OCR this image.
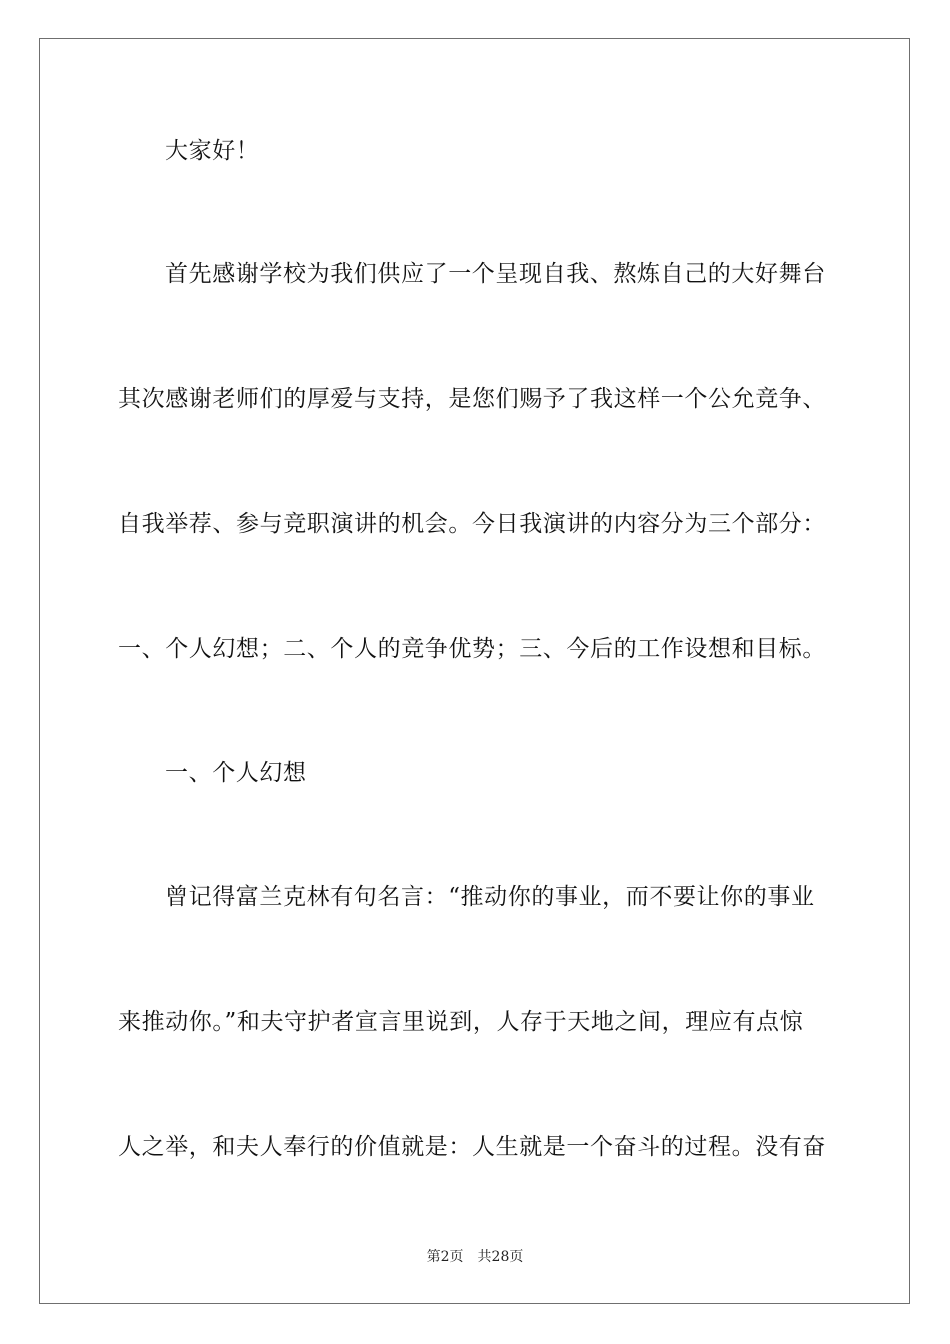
大家好！
首先感谢学校为我们供应了一个呈现自我、熬炼自己的大好舞台
其次感谢老师们的厚爱与支持，是您们赐予了我这样一个公允竞争、
自我举荐、参与竞职演讲的机会。今日我演讲的内容分为三个部分：
一、个人幻想；二、个人的竞争优势；三、今后的工作设想和目标。
一、个人幻想
曾记得富兰克林有句名言：“推动你的事业，而不要让你的事业
来推动你。”和夫守护者宣言里说到，人存于天地之间，理应有点惊
人之举，和夫人奉行的价值就是：人生就是一个奋斗的过程。没有奋
第2页 共28页
